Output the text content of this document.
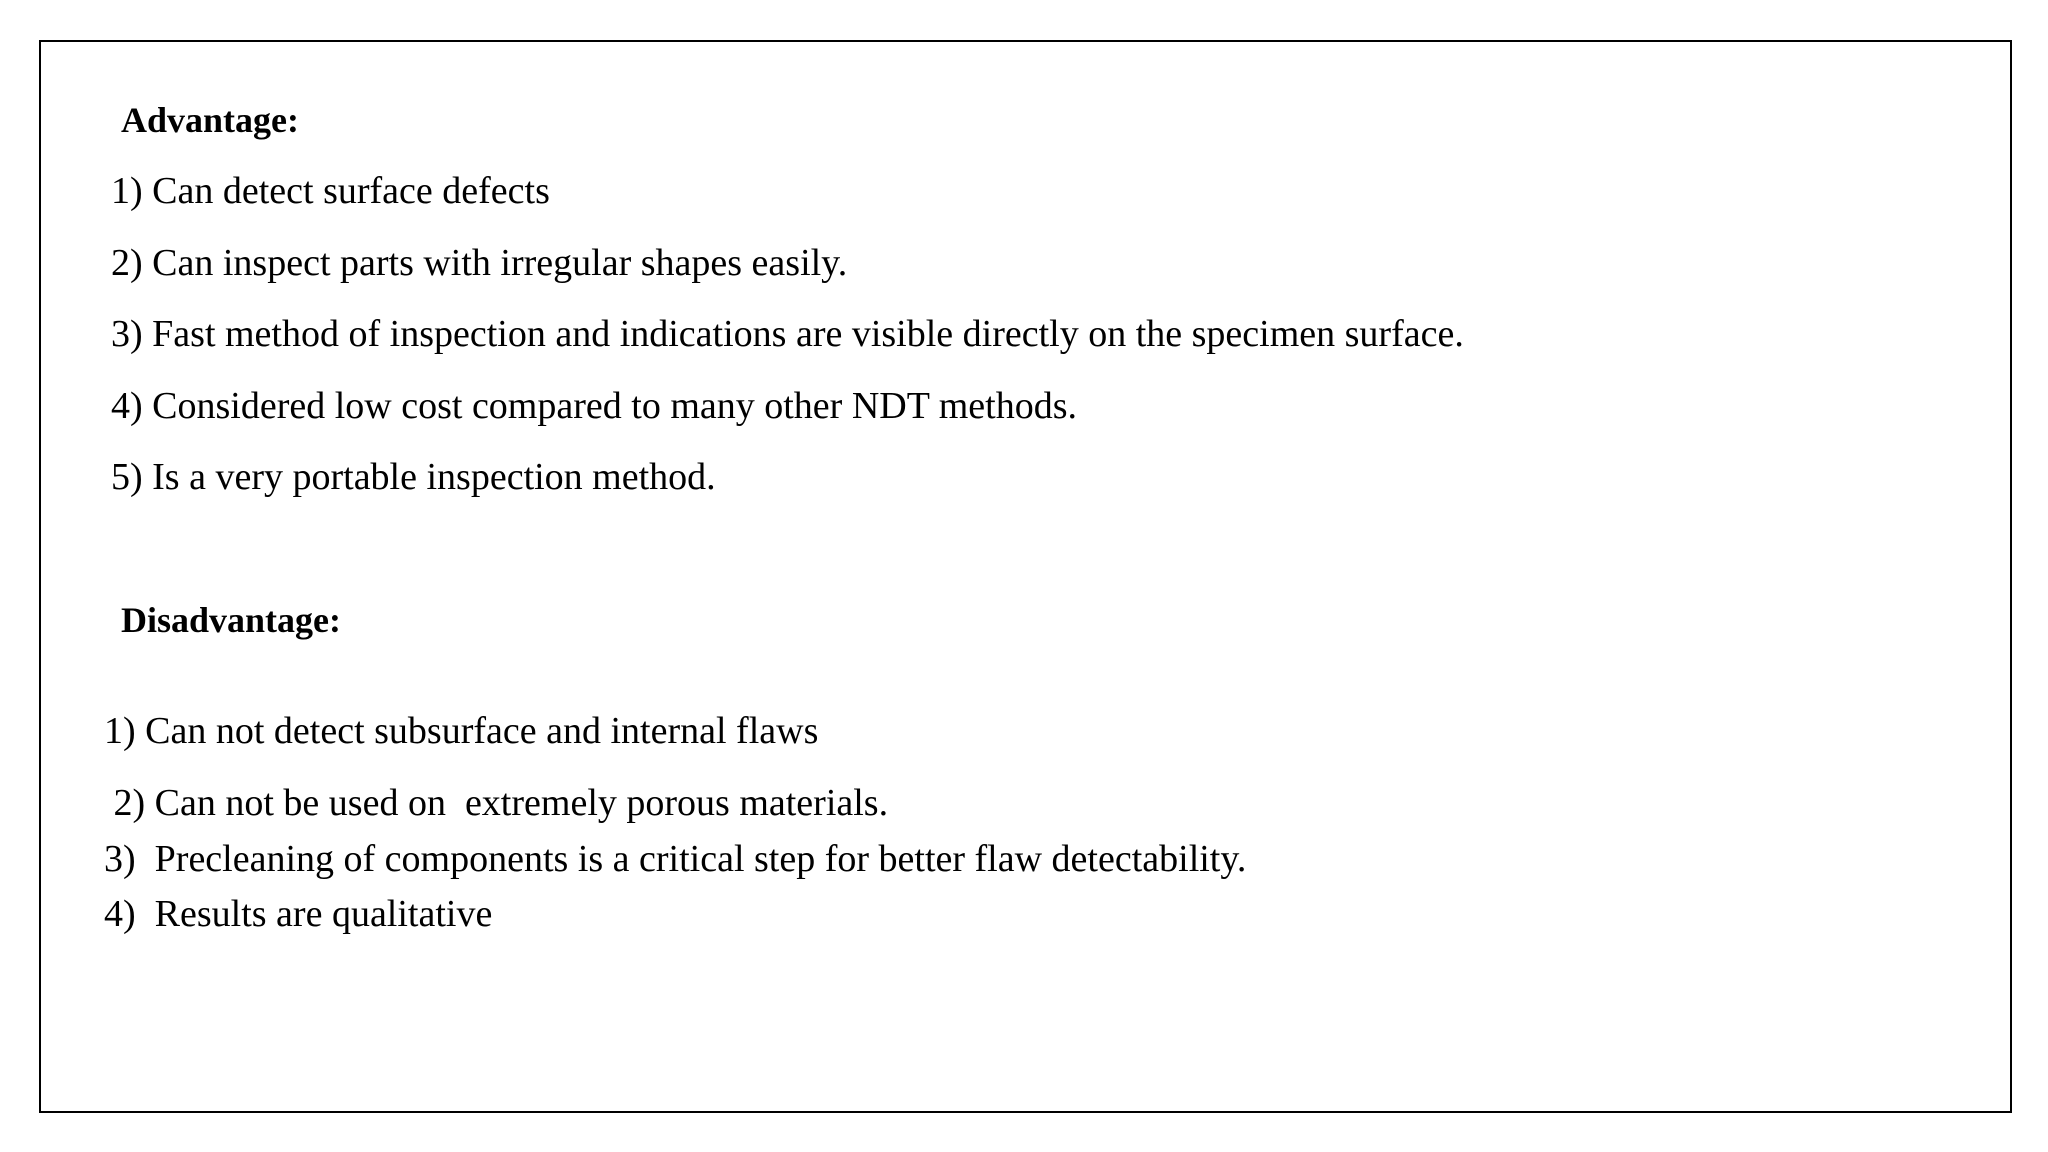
Advantage:
1) Can detect surface defects
2) Can inspect parts with irregular shapes easily.
3) Fast method of inspection and indications are visible directly on the specimen surface.
4) Considered low cost compared to many other NDT methods.
5) Is a very portable inspection method.
Disadvantage:
1) Can not detect subsurface and internal flaws
2) Can not be used on  extremely porous materials.
3)  Precleaning of components is a critical step for better flaw detectability.
4)  Results are qualitative
